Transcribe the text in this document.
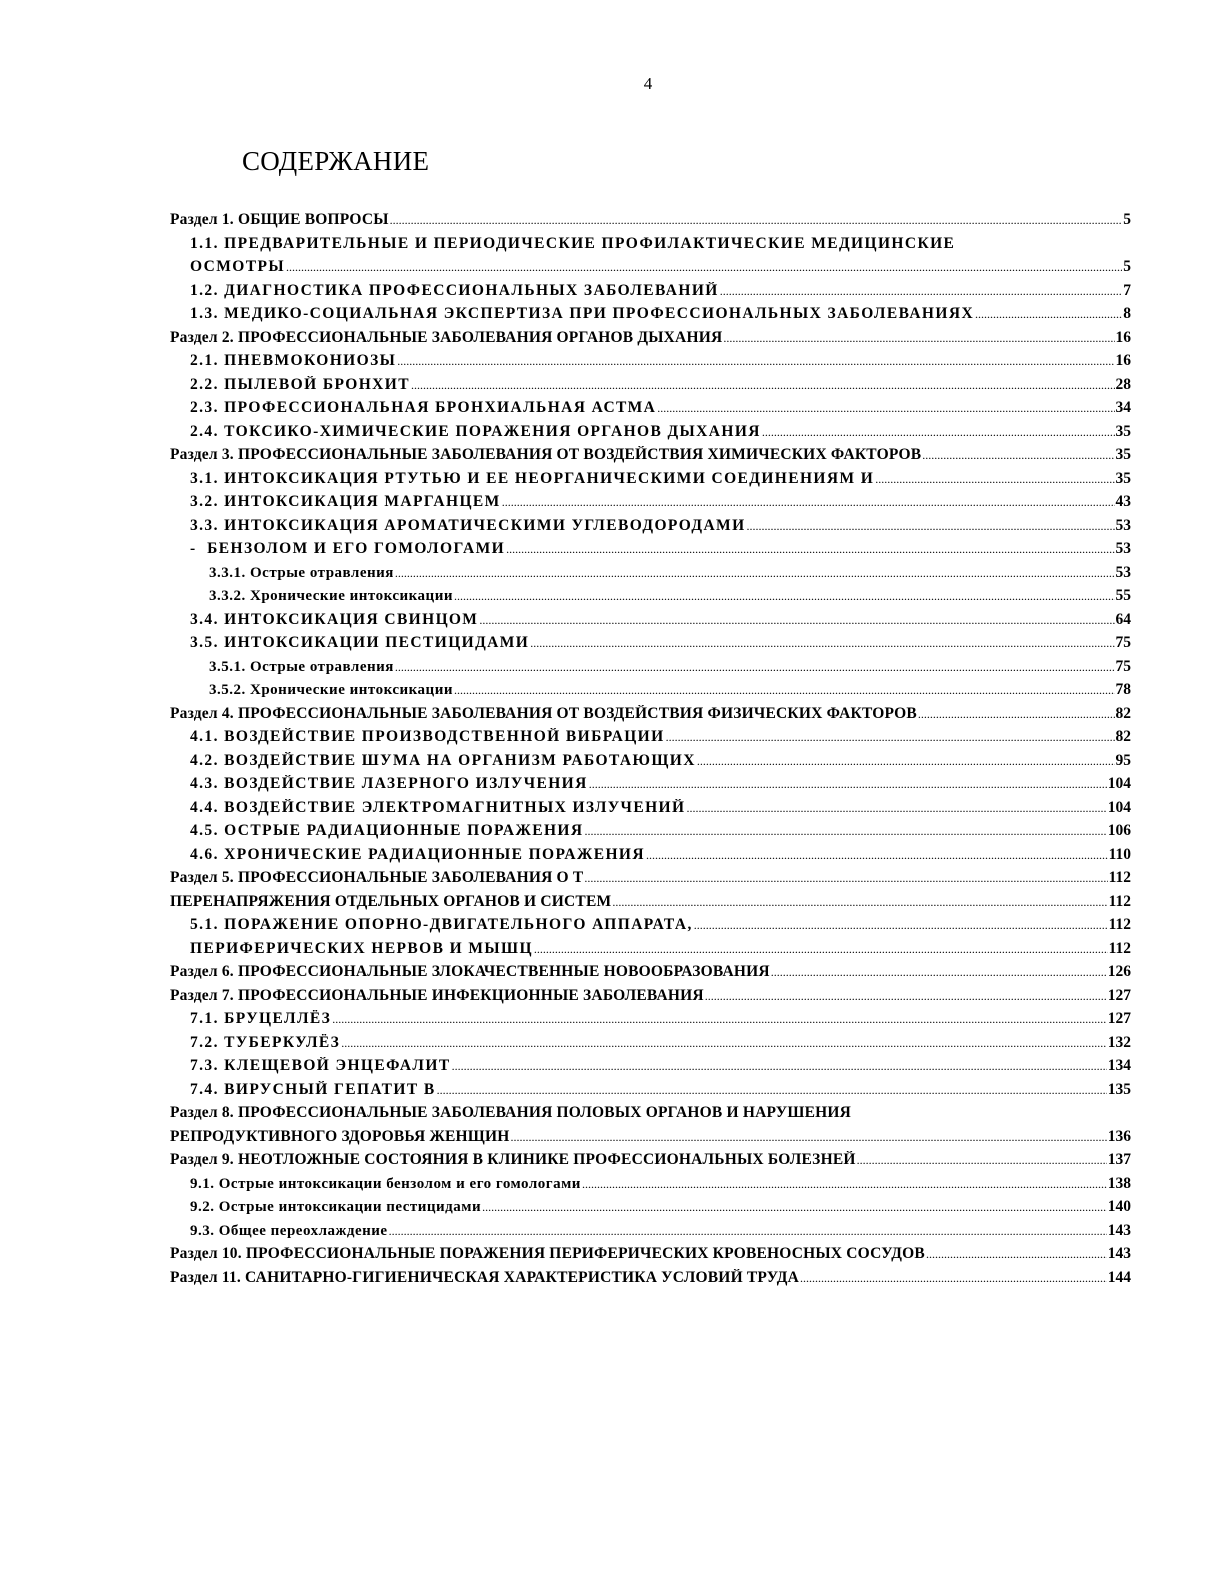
4
СОДЕРЖАНИЕ
Раздел 1. ОБЩИЕ ВОПРОСЫ .....	5
1.1. ПРЕДВАРИТЕЛЬНЫЕ И ПЕРИОДИЧЕСКИЕ ПРОФИЛАКТИЧЕСКИЕ МЕДИЦИНСКИЕ
ОСМОТРЫ .....	5
1.2. ДИАГНОСТИКА ПРОФЕССИОНАЛЬНЫХ ЗАБОЛЕВАНИЙ .....	7
1.3. МЕДИКО-СОЦИАЛЬНАЯ ЭКСПЕРТИЗА ПРИ ПРОФЕССИОНАЛЬНЫХ ЗАБОЛЕВАНИЯХ .....	8
Раздел 2. ПРОФЕССИОНАЛЬНЫЕ ЗАБОЛЕВАНИЯ ОРГАНОВ ДЫХАНИЯ .....	16
2.1. ПНЕВМОКОНИОЗЫ .....	16
2.2. ПЫЛЕВОЙ БРОНХИТ .....	28
2.3. ПРОФЕССИОНАЛЬНАЯ БРОНХИАЛЬНАЯ АСТМА .....	34
2.4. ТОКСИКО-ХИМИЧЕСКИЕ ПОРАЖЕНИЯ ОРГАНОВ ДЫХАНИЯ .....	35
Раздел 3. ПРОФЕССИОНАЛЬНЫЕ ЗАБОЛЕВАНИЯ ОТ ВОЗДЕЙСТВИЯ ХИМИЧЕСКИХ ФАКТОРОВ .....	35
3.1. ИНТОКСИКАЦИЯ РТУТЬЮ И ЕЕ НЕОРГАНИЧЕСКИМИ СОЕДИНЕНИЯМ И .....	35
3.2. ИНТОКСИКАЦИЯ МАРГАНЦЕМ .....	43
3.3. ИНТОКСИКАЦИЯ АРОМАТИЧЕСКИМИ УГЛЕВОДОРОДАМИ .....	53
-  БЕНЗОЛОМ И ЕГО ГОМОЛОГАМИ .....	53
3.3.1. Острые отравления .....	53
3.3.2. Хронические интоксикации .....	55
3.4. ИНТОКСИКАЦИЯ СВИНЦОМ .....	64
3.5. ИНТОКСИКАЦИИ ПЕСТИЦИДАМИ .....	75
3.5.1. Острые отравления .....	75
3.5.2. Хронические интоксикации .....	78
Раздел 4. ПРОФЕССИОНАЛЬНЫЕ ЗАБОЛЕВАНИЯ ОТ ВОЗДЕЙСТВИЯ ФИЗИЧЕСКИХ ФАКТОРОВ .....	82
4.1. ВОЗДЕЙСТВИЕ ПРОИЗВОДСТВЕННОЙ ВИБРАЦИИ .....	82
4.2. ВОЗДЕЙСТВИЕ ШУМА НА ОРГАНИЗМ РАБОТАЮЩИХ .....	95
4.3. ВОЗДЕЙСТВИЕ ЛАЗЕРНОГО ИЗЛУЧЕНИЯ .....	104
4.4. ВОЗДЕЙСТВИЕ ЭЛЕКТРОМАГНИТНЫХ ИЗЛУЧЕНИЙ .....	104
4.5. ОСТРЫЕ РАДИАЦИОННЫЕ ПОРАЖЕНИЯ .....	106
4.6. ХРОНИЧЕСКИЕ РАДИАЦИОННЫЕ ПОРАЖЕНИЯ .....	110
Раздел 5. ПРОФЕССИОНАЛЬНЫЕ ЗАБОЛЕВАНИЯ О Т .....	112
ПЕРЕНАПРЯЖЕНИЯ ОТДЕЛЬНЫХ ОРГАНОВ И СИСТЕМ .....	112
5.1. ПОРАЖЕНИЕ ОПОРНО-ДВИГАТЕЛЬНОГО АППАРАТА, .....	112
ПЕРИФЕРИЧЕСКИХ НЕРВОВ И МЫШЦ .....	112
Раздел 6. ПРОФЕССИОНАЛЬНЫЕ ЗЛОКАЧЕСТВЕННЫЕ НОВООБРАЗОВАНИЯ .....	126
Раздел 7. ПРОФЕССИОНАЛЬНЫЕ ИНФЕКЦИОННЫЕ ЗАБОЛЕВАНИЯ .....	127
7.1. БРУЦЕЛЛЁЗ .....	127
7.2. ТУБЕРКУЛЁЗ .....	132
7.3. КЛЕЩЕВОЙ ЭНЦЕФАЛИТ .....	134
7.4. ВИРУСНЫЙ ГЕПАТИТ В .....	135
Раздел 8. ПРОФЕССИОНАЛЬНЫЕ ЗАБОЛЕВАНИЯ ПОЛОВЫХ ОРГАНОВ И НАРУШЕНИЯ
РЕПРОДУКТИВНОГО ЗДОРОВЬЯ ЖЕНЩИН .....	136
Раздел 9. НЕОТЛОЖНЫЕ СОСТОЯНИЯ В КЛИНИКЕ ПРОФЕССИОНАЛЬНЫХ БОЛЕЗНЕЙ .....	137
9.1. Острые интоксикации бензолом и его гомологами .....	138
9.2. Острые интоксикации пестицидами .....	140
9.3. Общее переохлаждение .....	143
Раздел 10. ПРОФЕССИОНАЛЬНЫЕ ПОРАЖЕНИЯ ПЕРИФЕРИЧЕСКИХ КРОВЕНОСНЫХ СОСУДОВ .....	143
Раздел 11. САНИТАРНО-ГИГИЕНИЧЕСКАЯ ХАРАКТЕРИСТИКА УСЛОВИЙ ТРУДА .....	144
